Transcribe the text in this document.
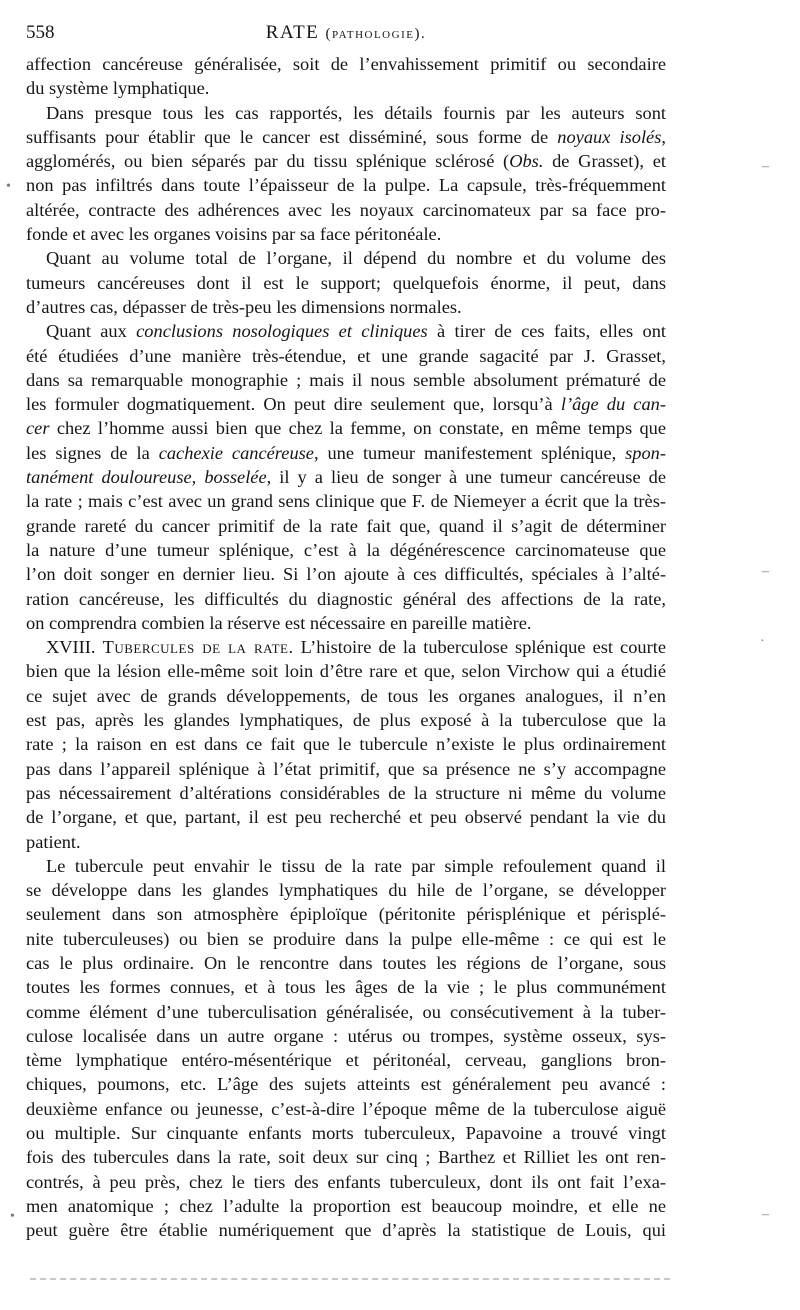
558	RATE (pathologie).
affection cancéreuse généralisée, soit de l’envahissement primitif ou secondaire
du système lymphatique.
Dans presque tous les cas rapportés, les détails fournis par les auteurs sont
suffisants pour établir que le cancer est disséminé, sous forme de noyaux isolés,
agglomérés, ou bien séparés par du tissu splénique sclérosé (Obs. de Grasset), et
non pas infiltrés dans toute l’épaisseur de la pulpe. La capsule, très-fréquemment
altérée, contracte des adhérences avec les noyaux carcinomateux par sa face pro-
fonde et avec les organes voisins par sa face péritonéale.
Quant au volume total de l’organe, il dépend du nombre et du volume des
tumeurs cancéreuses dont il est le support; quelquefois énorme, il peut, dans
d’autres cas, dépasser de très-peu les dimensions normales.
Quant aux conclusions nosologiques et cliniques à tirer de ces faits, elles ont
été étudiées d’une manière très-étendue, et une grande sagacité par J. Grasset,
dans sa remarquable monographie ; mais il nous semble absolument prématuré de
les formuler dogmatiquement. On peut dire seulement que, lorsqu’à l’âge du can-
cer chez l’homme aussi bien que chez la femme, on constate, en même temps que
les signes de la cachexie cancéreuse, une tumeur manifestement splénique, spon-
tanément douloureuse, bosselée, il y a lieu de songer à une tumeur cancéreuse de
la rate ; mais c’est avec un grand sens clinique que F. de Niemeyer a écrit que la très-
grande rareté du cancer primitif de la rate fait que, quand il s’agit de déterminer
la nature d’une tumeur splénique, c’est à la dégénérescence carcinomateuse que
l’on doit songer en dernier lieu. Si l’on ajoute à ces difficultés, spéciales à l’alté-
ration cancéreuse, les difficultés du diagnostic général des affections de la rate,
on comprendra combien la réserve est nécessaire en pareille matière.
XVIII. Tubercules de la rate. L’histoire de la tuberculose splénique est courte
bien que la lésion elle-même soit loin d’être rare et que, selon Virchow qui a étudié
ce sujet avec de grands développements, de tous les organes analogues, il n’en
est pas, après les glandes lymphatiques, de plus exposé à la tuberculose que la
rate ; la raison en est dans ce fait que le tubercule n’existe le plus ordinairement
pas dans l’appareil splénique à l’état primitif, que sa présence ne s’y accompagne
pas nécessairement d’altérations considérables de la structure ni même du volume
de l’organe, et que, partant, il est peu recherché et peu observé pendant la vie du
patient.
Le tubercule peut envahir le tissu de la rate par simple refoulement quand il
se développe dans les glandes lymphatiques du hile de l’organe, se développer
seulement dans son atmosphère épiploïque (péritonite périsplénique et périsplé-
nite tuberculeuses) ou bien se produire dans la pulpe elle-même : ce qui est le
cas le plus ordinaire. On le rencontre dans toutes les régions de l’organe, sous
toutes les formes connues, et à tous les âges de la vie ; le plus communément
comme élément d’une tuberculisation généralisée, ou consécutivement à la tuber-
culose localisée dans un autre organe : utérus ou trompes, système osseux, sys-
tème lymphatique entéro-mésentérique et péritonéal, cerveau, ganglions bron-
chiques, poumons, etc. L’âge des sujets atteints est généralement peu avancé :
deuxième enfance ou jeunesse, c’est-à-dire l’époque même de la tuberculose aiguë
ou multiple. Sur cinquante enfants morts tuberculeux, Papavoine a trouvé vingt
fois des tubercules dans la rate, soit deux sur cinq ; Barthez et Rilliet les ont ren-
contrés, à peu près, chez le tiers des enfants tuberculeux, dont ils ont fait l’exa-
men anatomique ; chez l’adulte la proportion est beaucoup moindre, et elle ne
peut guère être établie numériquement que d’après la statistique de Louis, qui
–
•
–
·
•	–
